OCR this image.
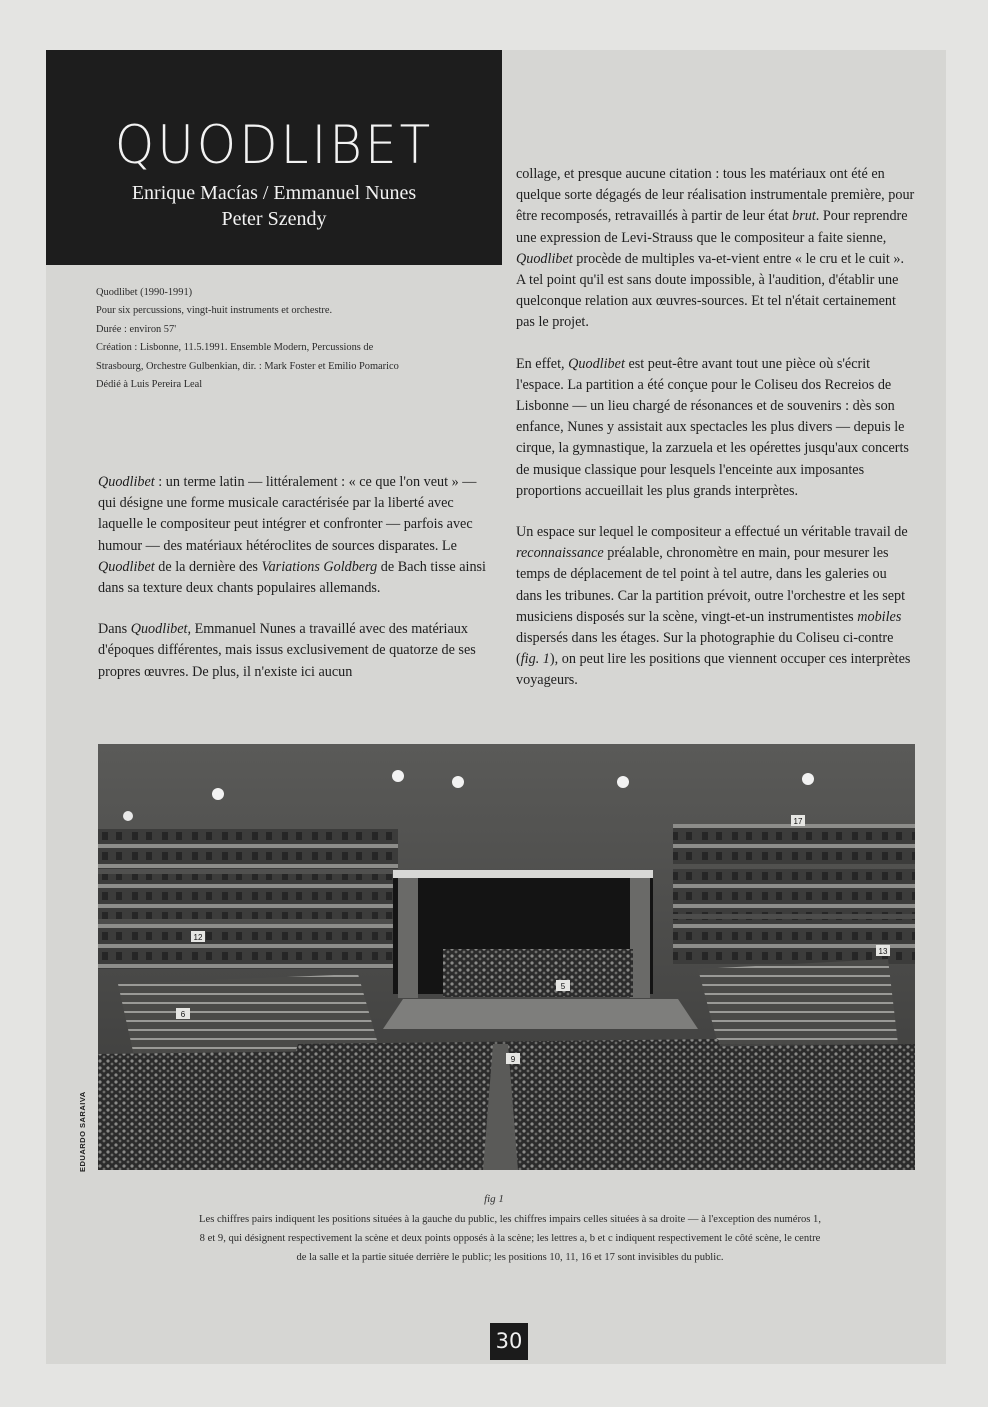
QUODLIBET
Enrique Macías / Emmanuel Nunes
Peter Szendy
Quodlibet (1990-1991)
Pour six percussions, vingt-huit instruments et orchestre.
Durée : environ 57'
Création : Lisbonne, 11.5.1991. Ensemble Modern, Percussions de
Strasbourg, Orchestre Gulbenkian, dir. : Mark Foster et Emilio Pomarico
Dédié à Luis Pereira Leal

Quodlibet : un terme latin — littéralement : « ce que l'on veut » — qui désigne une forme musicale caractérisée par la liberté avec laquelle le compositeur peut intégrer et confronter — parfois avec humour — des matériaux hétéroclites de sources disparates. Le Quodlibet de la dernière des Variations Goldberg de Bach tisse ainsi dans sa texture deux chants populaires allemands.

Dans Quodlibet, Emmanuel Nunes a travaillé avec des matériaux d'époques différentes, mais issus exclusivement de quatorze de ses propres œuvres. De plus, il n'existe ici aucun

collage, et presque aucune citation : tous les matériaux ont été en quelque sorte dégagés de leur réalisation instrumentale première, pour être recomposés, retravaillés à partir de leur état brut. Pour reprendre une expression de Levi-Strauss que le compositeur a faite sienne, Quodlibet procède de multiples va-et-vient entre « le cru et le cuit ». A tel point qu'il est sans doute impossible, à l'audition, d'établir une quelconque relation aux œuvres-sources. Et tel n'était certainement pas le projet.

En effet, Quodlibet est peut-être avant tout une pièce où s'écrit l'espace. La partition a été conçue pour le Coliseu dos Recreios de Lisbonne — un lieu chargé de résonances et de souvenirs : dès son enfance, Nunes y assistait aux spectacles les plus divers — depuis le cirque, la gymnastique, la zarzuela et les opérettes jusqu'aux concerts de musique classique pour lesquels l'enceinte aux imposantes proportions accueillait les plus grands interprètes.

Un espace sur lequel le compositeur a effectué un véritable travail de reconnaissance préalable, chronomètre en main, pour mesurer les temps de déplacement de tel point à tel autre, dans les galeries ou dans les tribunes. Car la partition prévoit, outre l'orchestre et les sept musiciens disposés sur la scène, vingt-et-un instrumentistes mobiles dispersés dans les étages. Sur la photographie du Coliseu ci-contre (fig. 1), on peut lire les positions que viennent occuper ces interprètes voyageurs.

17
12
13
6
5
9
EDUARDO SARAIVA
fig 1
Les chiffres pairs indiquent les positions situées à la gauche du public, les chiffres impairs celles situées à sa droite — à l'exception des numéros 1,
8 et 9, qui désignent respectivement la scène et deux points opposés à la scène; les lettres a, b et c indiquent respectivement le côté scène, le centre
de la salle et la partie située derrière le public; les positions 10, 11, 16 et 17 sont invisibles du public.
30
